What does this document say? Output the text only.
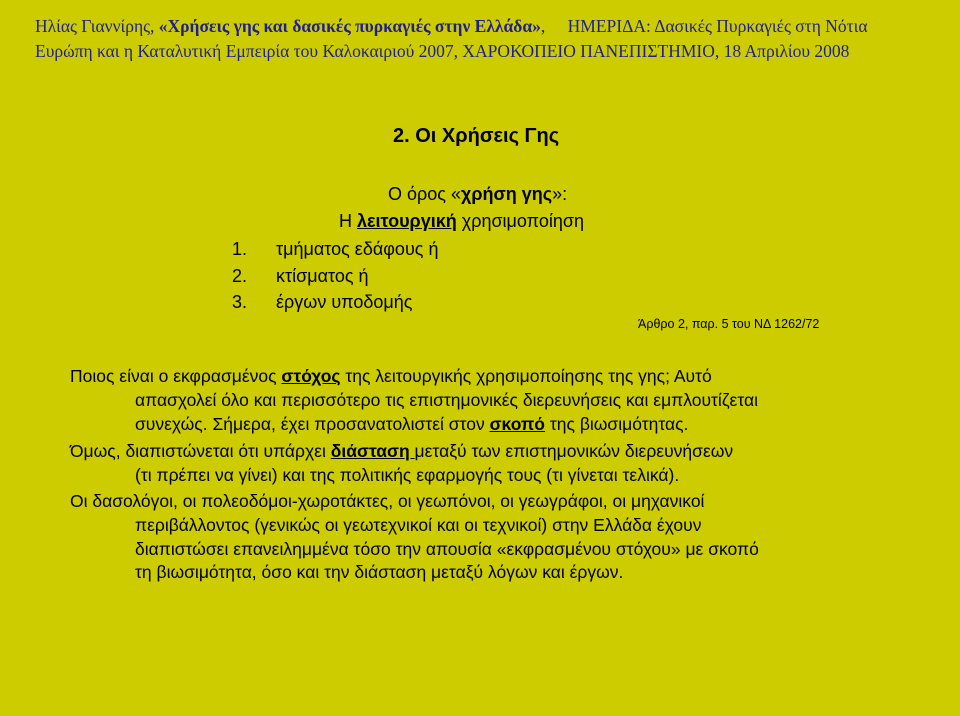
Ηλίας Γιαννίρης, «Χρήσεις γης και δασικές πυρκαγιές στην Ελλάδα», ΗΜΕΡΙΔΑ: Δασικές Πυρκαγιές στη Νότια
Ευρώπη και η Καταλυτική Εμπειρία του Καλοκαιριού 2007, ΧΑΡΟΚΟΠΕΙΟ ΠΑΝΕΠΙΣΤΗΜΙΟ, 18 Απριλίου 2008
2. Οι Χρήσεις Γης
Ο όρος «χρήση γης»:
Η λειτουργική χρησιμοποίηση
1. τμήματος εδάφους ή
2. κτίσματος ή
3. έργων υποδομής
Άρθρο 2, παρ. 5 του ΝΔ 1262/72
Ποιος είναι ο εκφρασμένος στόχος της λειτουργικής χρησιμοποίησης της γης; Αυτό
απασχολεί όλο και περισσότερο τις επιστημονικές διερευνήσεις και εμπλουτίζεται
συνεχώς. Σήμερα, έχει προσανατολιστεί στον σκοπό της βιωσιμότητας.
Όμως, διαπιστώνεται ότι υπάρχει διάσταση μεταξύ των επιστημονικών διερευνήσεων
(τι πρέπει να γίνει) και της πολιτικής εφαρμογής τους (τι γίνεται τελικά).
Οι δασολόγοι, οι πολεοδόμοι-χωροτάκτες, οι γεωπόνοι, οι γεωγράφοι, οι μηχανικοί
περιβάλλοντος (γενικώς οι γεωτεχνικοί και οι τεχνικοί) στην Ελλάδα έχουν
διαπιστώσει επανειλημμένα τόσο την απουσία «εκφρασμένου στόχου» με σκοπό
τη βιωσιμότητα, όσο και την διάσταση μεταξύ λόγων και έργων.
